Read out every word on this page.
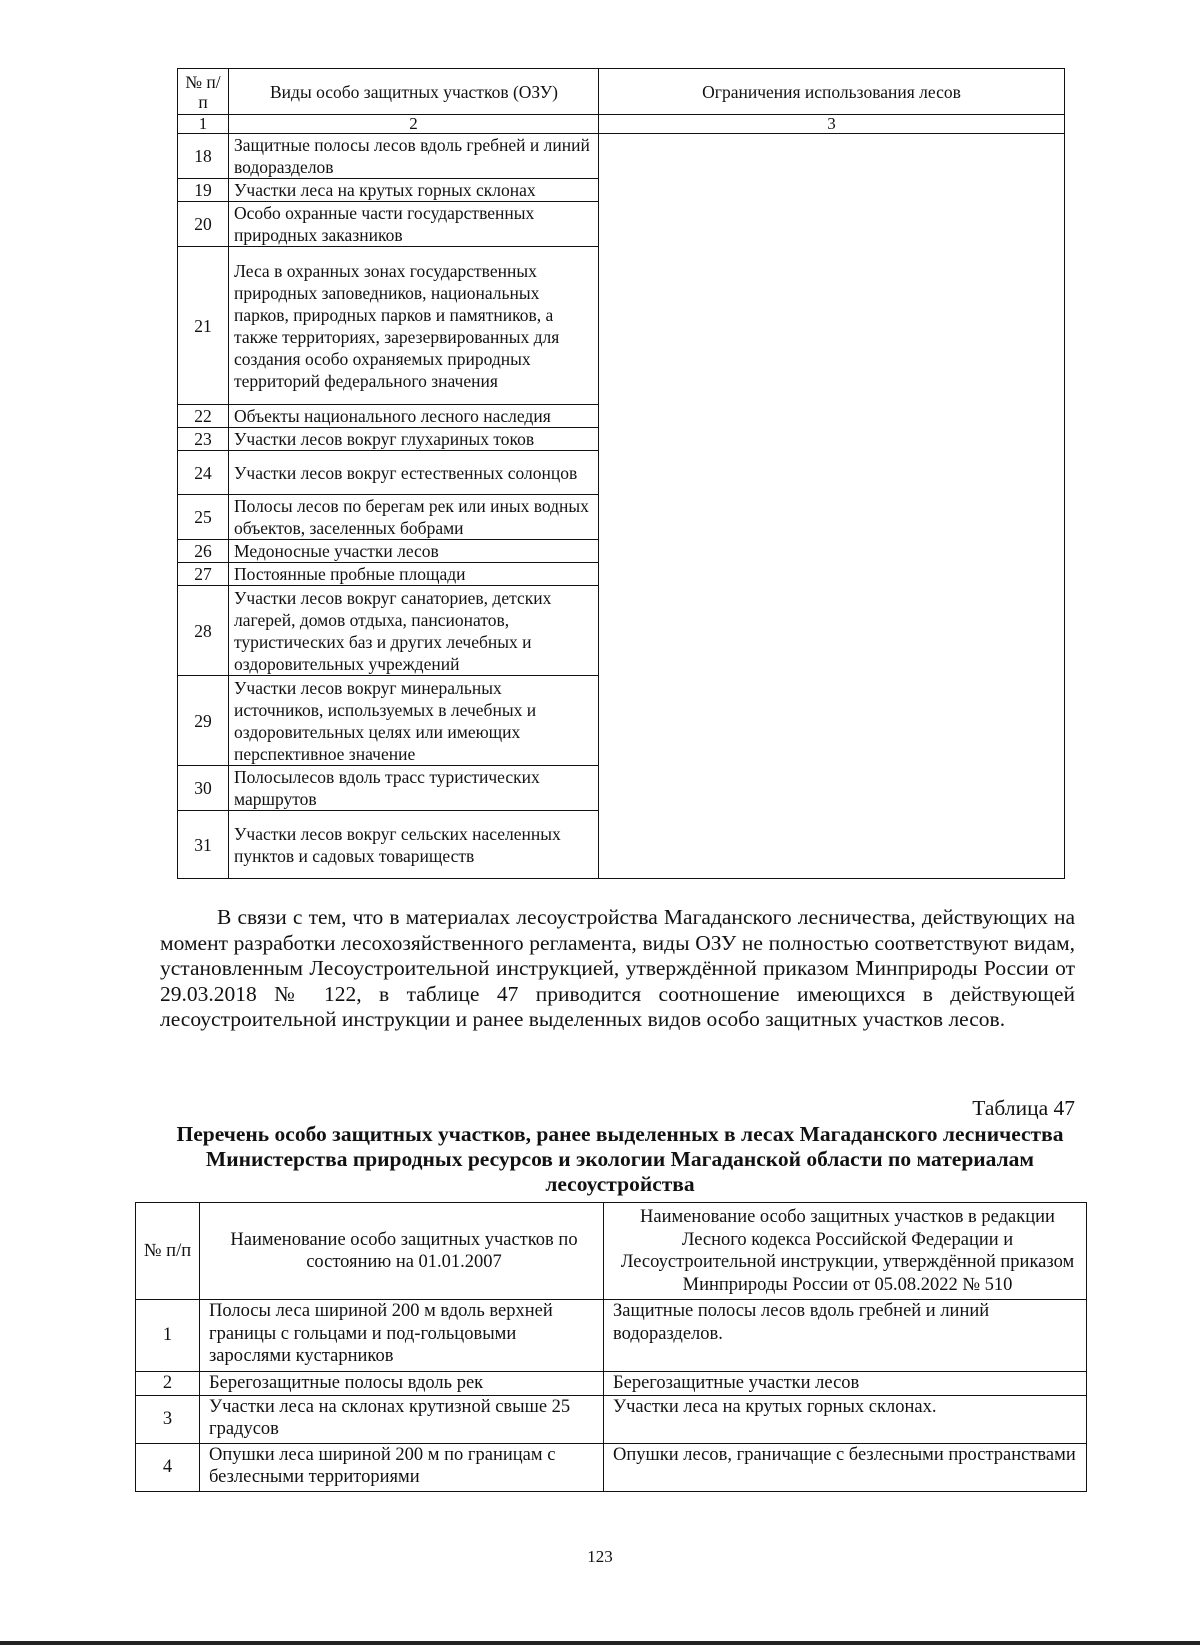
№ п/п	Виды особо защитных участков (ОЗУ)	Ограничения использования лесов
1	2	3
18	Защитные полосы лесов вдоль гребней и линий водоразделов	
19	Участки леса на крутых горных склонах	
20	Особо охранные части государственных природных заказников	
21	Леса в охранных зонах государственных природных заповедников, национальных парков, природных парков и памятников, а также территориях, зарезервированных для создания особо охраняемых природных территорий федерального значения	
22	Объекты национального лесного наследия	
23	Участки лесов вокруг глухариных токов	
24	Участки лесов вокруг естественных солонцов	
25	Полосы лесов по берегам рек или иных водных объектов, заселенных бобрами	
26	Медоносные участки лесов	
27	Постоянные пробные площади	
28	Участки лесов вокруг санаториев, детских лагерей, домов отдыха, пансионатов, туристических баз и других лечебных и оздоровительных учреждений	
29	Участки лесов вокруг минеральных источников, используемых в лечебных и оздоровительных целях или имеющих перспективное значение	
30	Полосылесов вдоль трасс туристических маршрутов	
31	Участки лесов вокруг сельских населенных пунктов и садовых товариществ	

В связи с тем, что в материалах лесоустройства Магаданского лесничества, действующих на момент разработки лесохозяйственного регламента, виды ОЗУ не полностью соответствуют видам, установленным Лесоустроительной инструкцией, утверждённой приказом Минприроды России от 29.03.2018 № 122, в таблице 47 приводится соотношение имеющихся в действующей лесоустроительной инструкции и ранее выделенных видов особо защитных участков лесов.

Таблица 47

Перечень особо защитных участков, ранее выделенных в лесах Магаданского лесничества Министерства природных ресурсов и экологии Магаданской области по материалам лесоустройства

№ п/п	Наименование особо защитных участков по состоянию на 01.01.2007	Наименование особо защитных участков в редакции Лесного кодекса Российской Федерации и Лесоустроительной инструкции, утверждённой приказом Минприроды России от 05.08.2022 № 510
1	Полосы леса шириной 200 м вдоль верхней границы с гольцами и под-гольцовыми зарослями кустарников	Защитные полосы лесов вдоль гребней и линий водоразделов.
2	Берегозащитные полосы вдоль рек	Берегозащитные участки лесов
3	Участки леса на склонах крутизной свыше 25 градусов	Участки леса на крутых горных склонах.
4	Опушки леса шириной 200 м по границам с безлесными территориями	Опушки лесов, граничащие с безлесными пространствами

123
